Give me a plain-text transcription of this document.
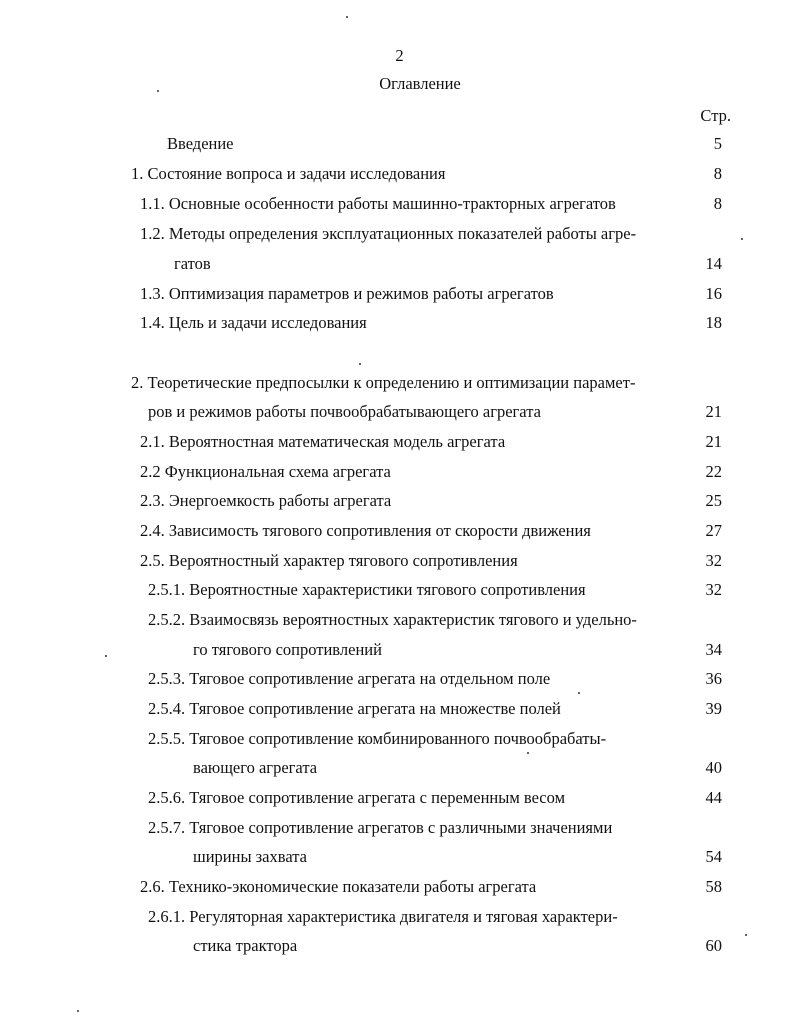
2
Оглавление
Стр.
Введение	5
1. Состояние вопроса и задачи исследования	8
1.1. Основные особенности работы машинно-тракторных агрегатов	8
1.2. Методы определения эксплуатационных показателей работы агре-
гатов	14
1.3. Оптимизация параметров и режимов работы агрегатов	16
1.4. Цель и задачи исследования	18
2. Теоретические предпосылки к определению и оптимизации парамет-
ров и режимов работы почвообрабатывающего агрегата	21
2.1. Вероятностная математическая модель агрегата	21
2.2 Функциональная схема агрегата	22
2.3. Энергоемкость работы агрегата	25
2.4. Зависимость тягового сопротивления от скорости движения	27
2.5. Вероятностный характер тягового сопротивления	32
2.5.1. Вероятностные характеристики тягового сопротивления	32
2.5.2. Взаимосвязь вероятностных характеристик тягового и удельно-
го тягового сопротивлений	34
2.5.3. Тяговое сопротивление агрегата на отдельном поле	36
2.5.4. Тяговое сопротивление агрегата на множестве полей	39
2.5.5. Тяговое сопротивление комбинированного почвообрабаты-
вающего агрегата	40
2.5.6. Тяговое сопротивление агрегата с переменным весом	44
2.5.7. Тяговое сопротивление агрегатов с различными значениями
ширины захвата	54
2.6. Технико-экономические показатели работы агрегата	58
2.6.1. Регуляторная характеристика двигателя и тяговая характери-
стика трактора	60
